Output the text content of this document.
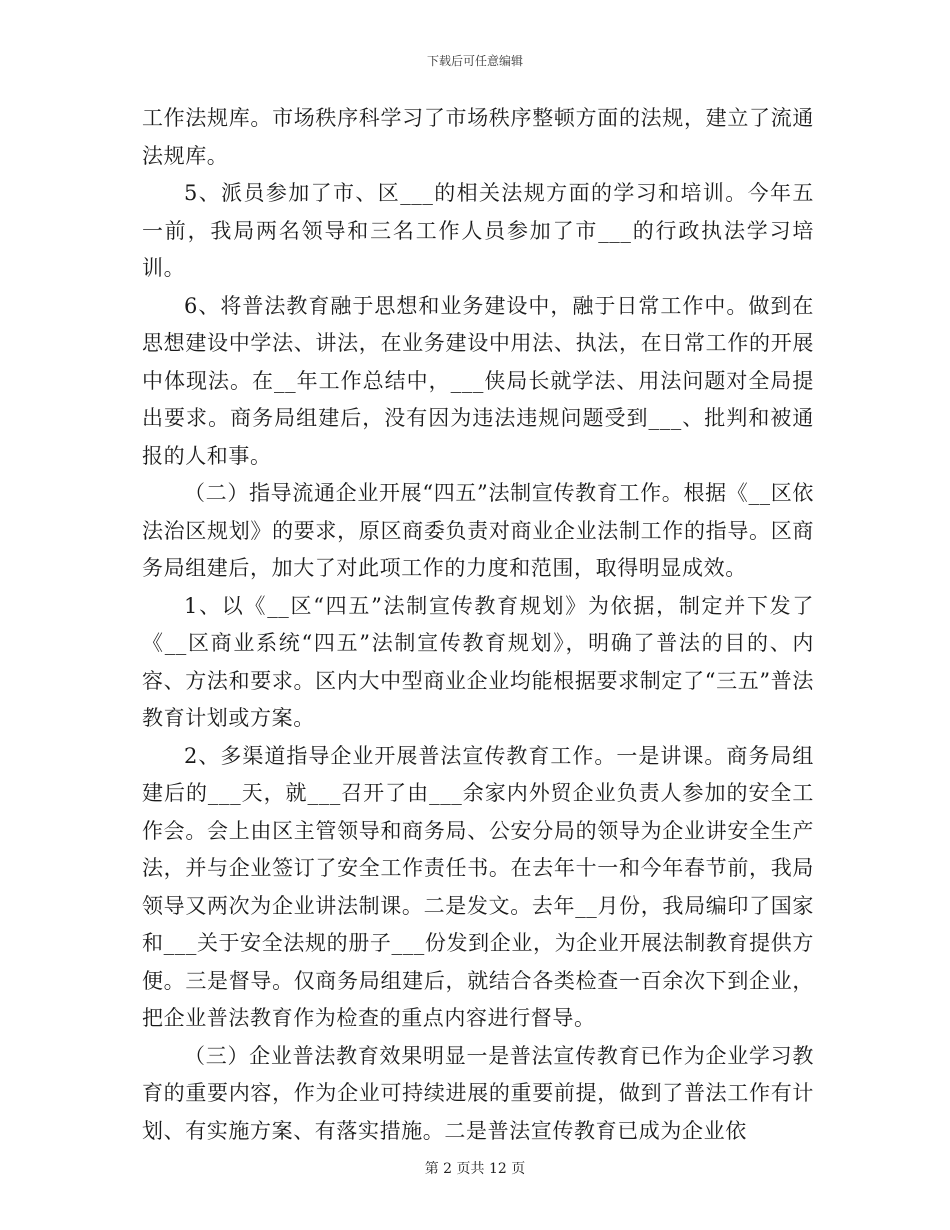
下载后可任意编辑

工作法规库。市场秩序科学习了市场秩序整顿方面的法规，建立了流通法规库。

5、派员参加了市、区___的相关法规方面的学习和培训。今年五一前，我局两名领导和三名工作人员参加了市___的行政执法学习培训。

6、将普法教育融于思想和业务建设中，融于日常工作中。做到在思想建设中学法、讲法，在业务建设中用法、执法，在日常工作的开展中体现法。在__年工作总结中，___侠局长就学法、用法问题对全局提出要求。商务局组建后，没有因为违法违规问题受到___、批判和被通报的人和事。

（二）指导流通企业开展“四五”法制宣传教育工作。根据《__区依法治区规划》的要求，原区商委负责对商业企业法制工作的指导。区商务局组建后，加大了对此项工作的力度和范围，取得明显成效。

1、以《__区“四五”法制宣传教育规划》为依据，制定并下发了《__区商业系统“四五”法制宣传教育规划》，明确了普法的目的、内容、方法和要求。区内大中型商业企业均能根据要求制定了“三五”普法教育计划或方案。

2、多渠道指导企业开展普法宣传教育工作。一是讲课。商务局组建后的___天，就___召开了由___余家内外贸企业负责人参加的安全工作会。会上由区主管领导和商务局、公安分局的领导为企业讲安全生产法，并与企业签订了安全工作责任书。在去年十一和今年春节前，我局领导又两次为企业讲法制课。二是发文。去年__月份，我局编印了国家和___关于安全法规的册子___份发到企业，为企业开展法制教育提供方便。三是督导。仅商务局组建后，就结合各类检查一百余次下到企业，把企业普法教育作为检查的重点内容进行督导。

（三）企业普法教育效果明显一是普法宣传教育已作为企业学习教育的重要内容，作为企业可持续进展的重要前提，做到了普法工作有计划、有实施方案、有落实措施。二是普法宣传教育已成为企业依

第 2 页共 12 页
